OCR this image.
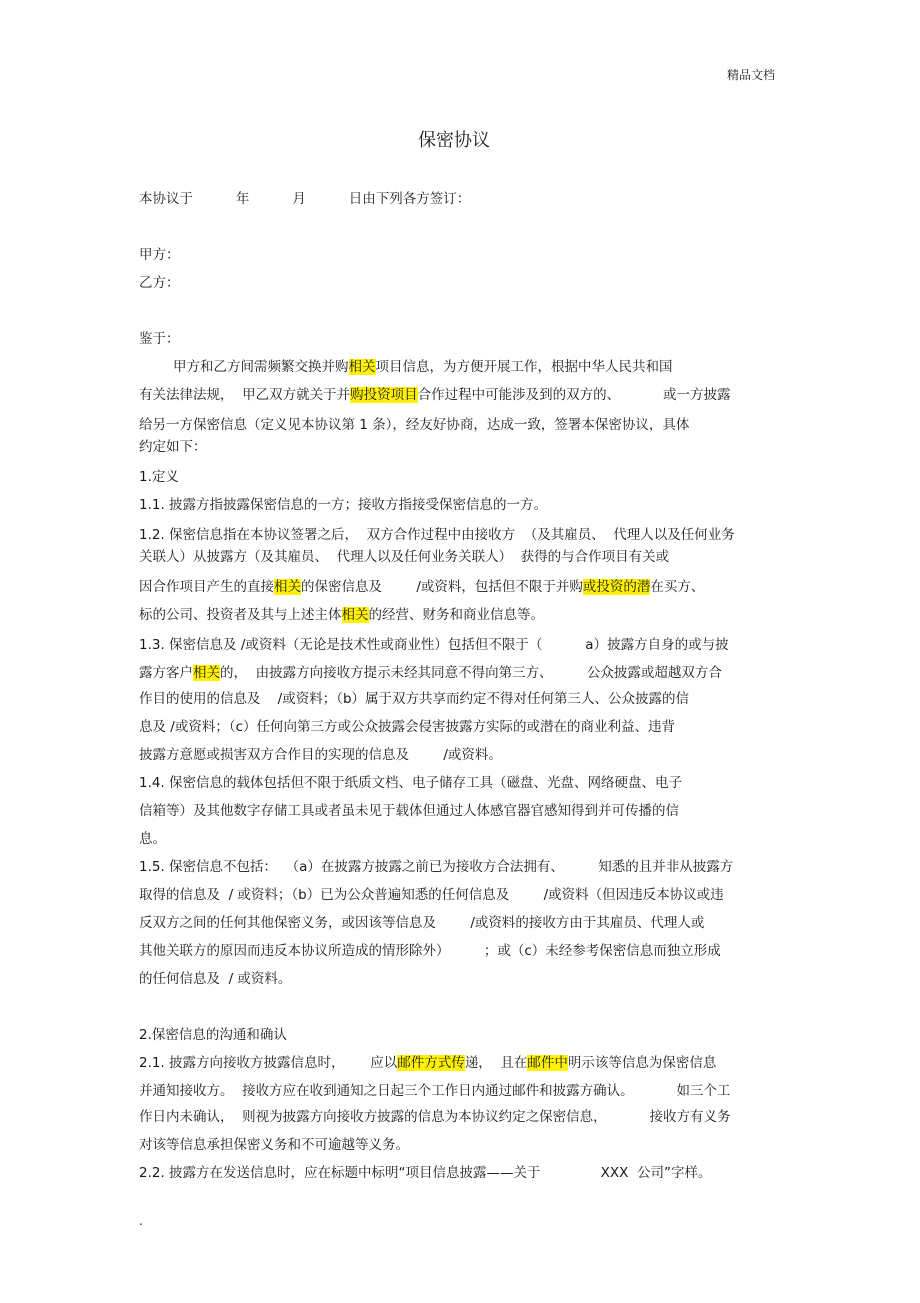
精品文档
保密协议
本协议于          年          月          日由下列各方签订：
甲方：
乙方：
鉴于：
甲方和乙方间需频繁交换并购相关项目信息，为方便开展工作，根据中华人民共和国
有关法律法规，  甲乙双方就关于并购投资项目合作过程中可能涉及到的双方的、          或一方披露
给另一方保密信息（定义见本协议第 1 条），经友好协商，达成一致，签署本保密协议，具体
约定如下：
1.定义
1.1. 披露方指披露保密信息的一方；接收方指接受保密信息的一方。
1.2. 保密信息指在本协议签署之后，  双方合作过程中由接收方  （及其雇员、  代理人以及任何业务
关联人）从披露方（及其雇员、  代理人以及任何业务关联人）  获得的与合作项目有关或
因合作项目产生的直接相关的保密信息及        /或资料，包括但不限于并购或投资的潜在买方、
标的公司、投资者及其与上述主体相关的经营、财务和商业信息等。
1.3. 保密信息及 /或资料（无论是技术性或商业性）包括但不限于（          a）披露方自身的或与披
露方客户相关的，  由披露方向接收方提示未经其同意不得向第三方、        公众披露或超越双方合
作目的使用的信息及    /或资料；（b）属于双方共享而约定不得对任何第三人、公众披露的信
息及 /或资料；（c）任何向第三方或公众披露会侵害披露方实际的或潜在的商业利益、违背
披露方意愿或损害双方合作目的实现的信息及        /或资料。
1.4. 保密信息的载体包括但不限于纸质文档、电子储存工具（磁盘、光盘、网络硬盘、电子
信箱等）及其他数字存储工具或者虽未见于载体但通过人体感官器官感知得到并可传播的信
息。
1.5. 保密信息不包括：  （a）在披露方披露之前已为接收方合法拥有、        知悉的且并非从披露方
取得的信息及  / 或资料；（b）已为公众普遍知悉的任何信息及        /或资料（但因违反本协议或违
反双方之间的任何其他保密义务，或因该等信息及        /或资料的接收方由于其雇员、代理人或
其他关联方的原因而违反本协议所造成的情形除外）        ；或（c）未经参考保密信息而独立形成
的任何信息及  / 或资料。
2.保密信息的沟通和确认
2.1. 披露方向接收方披露信息时，      应以邮件方式传递，  且在邮件中明示该等信息为保密信息
并通知接收方。  接收方应在收到通知之日起三个工作日内通过邮件和披露方确认。          如三个工
作日内未确认，  则视为披露方向接收方披露的信息为本协议约定之保密信息，          接收方有义务
对该等信息承担保密义务和不可逾越等义务。
2.2. 披露方在发送信息时，应在标题中标明“项目信息披露——关于              XXX  公司”字样。
.
